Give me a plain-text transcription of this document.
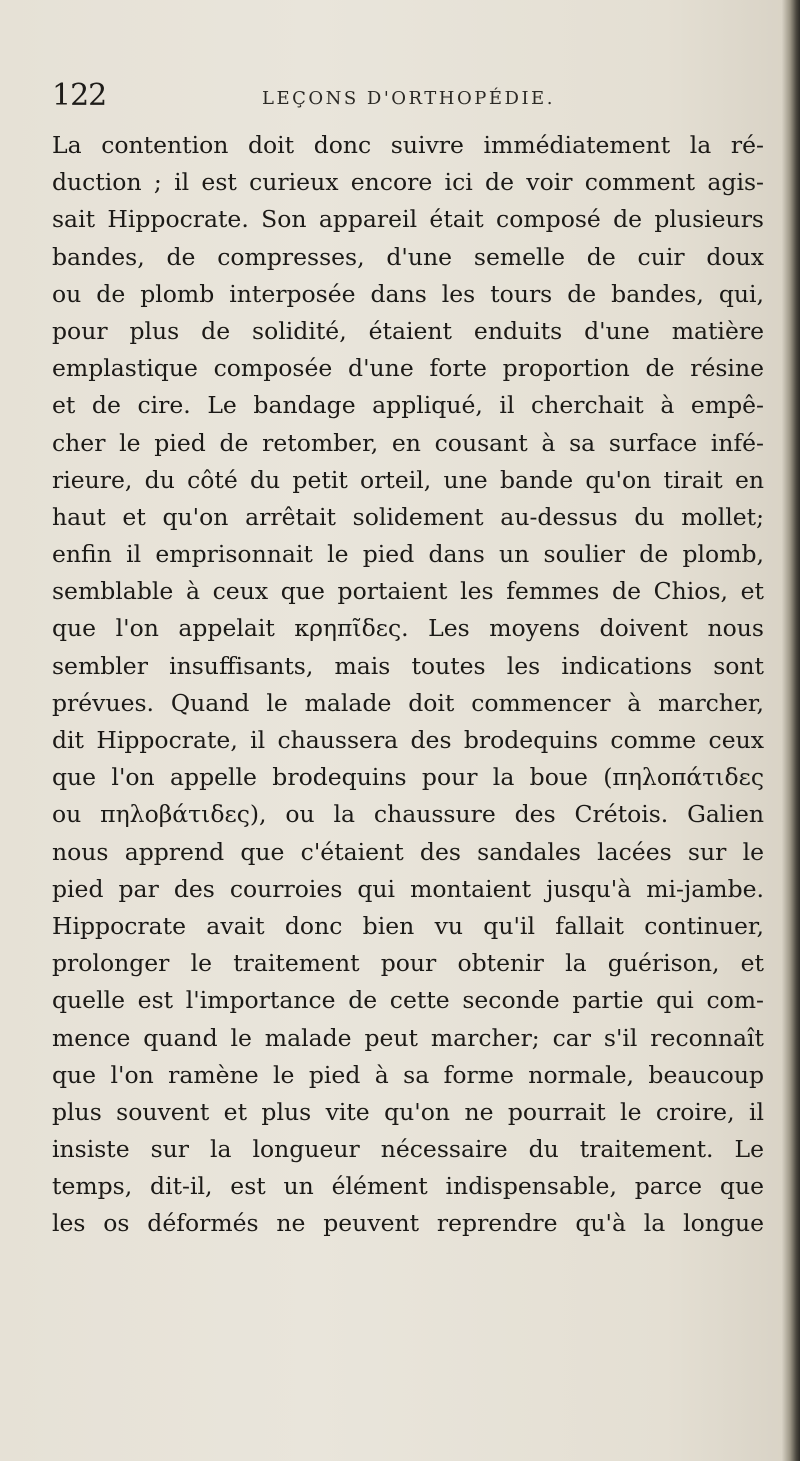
122	LEÇONS D'ORTHOPÉDIE.
La contention doit donc suivre immédiatement la ré-
duction ; il est curieux encore ici de voir comment agis-
sait Hippocrate. Son appareil était composé de plusieurs
bandes, de compresses, d'une semelle de cuir doux
ou de plomb interposée dans les tours de bandes, qui,
pour plus de solidité, étaient enduits d'une matière
emplastique composée d'une forte proportion de résine
et de cire. Le bandage appliqué, il cherchait à empê-
cher le pied de retomber, en cousant à sa surface infé-
rieure, du côté du petit orteil, une bande qu'on tirait en
haut et qu'on arrêtait solidement au-dessus du mollet;
enfin il emprisonnait le pied dans un soulier de plomb,
semblable à ceux que portaient les femmes de Chios, et
que l'on appelait κρηπῖδες. Les moyens doivent nous
sembler insuffisants, mais toutes les indications sont
prévues. Quand le malade doit commencer à marcher,
dit Hippocrate, il chaussera des brodequins comme ceux
que l'on appelle brodequins pour la boue (πηλοπάτιδες
ou πηλοβάτιδες), ou la chaussure des Crétois. Galien
nous apprend que c'étaient des sandales lacées sur le
pied par des courroies qui montaient jusqu'à mi-jambe.
Hippocrate avait donc bien vu qu'il fallait continuer,
prolonger le traitement pour obtenir la guérison, et
quelle est l'importance de cette seconde partie qui com-
mence quand le malade peut marcher; car s'il reconnaît
que l'on ramène le pied à sa forme normale, beaucoup
plus souvent et plus vite qu'on ne pourrait le croire, il
insiste sur la longueur nécessaire du traitement. Le
temps, dit-il, est un élément indispensable, parce que
les os déformés ne peuvent reprendre qu'à la longue
